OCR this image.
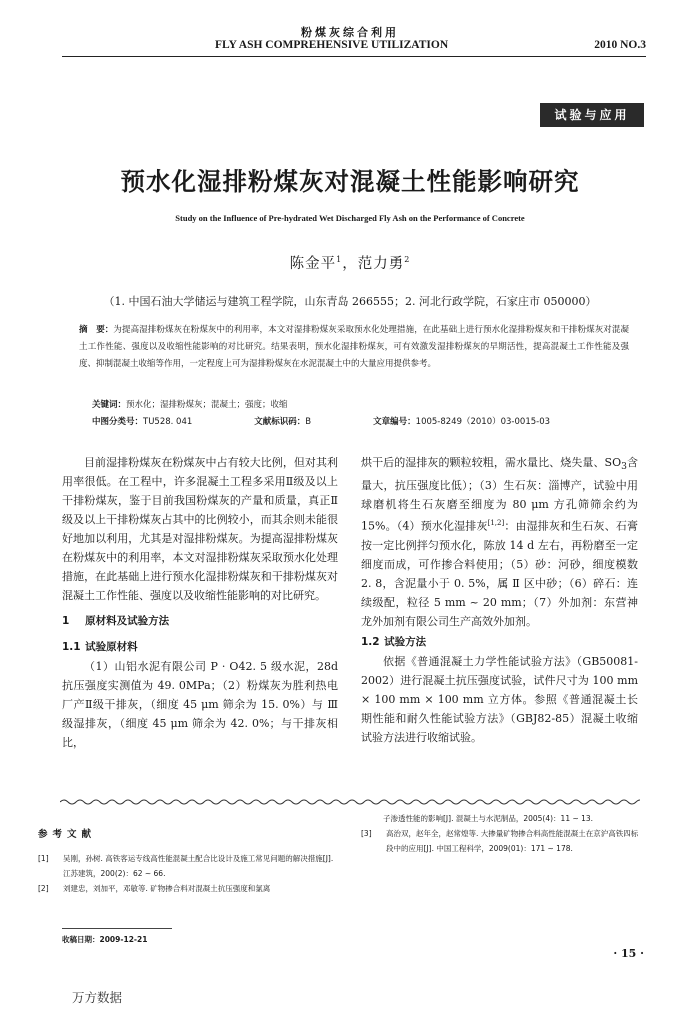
粉煤灰综合利用
FLY ASH COMPREHENSIVE UTILIZATION	2010 NO.3
试验与应用
预水化湿排粉煤灰对混凝土性能影响研究
Study on the Influence of Pre-hydrated Wet Discharged Fly Ash on the Performance of Concrete
陈金平$^1$，范力勇$^2$
（1. 中国石油大学储运与建筑工程学院，山东青岛 266555；2. 河北行政学院，石家庄市 050000）
摘　要：为提高湿排粉煤灰在粉煤灰中的利用率，本文对湿排粉煤灰采取预水化处理措施，在此基础上进行预水化湿排粉煤灰和干排粉煤灰对混凝土工作性能、强度以及收缩性能影响的对比研究。结果表明，预水化湿排粉煤灰，可有效激发湿排粉煤灰的早期活性，提高混凝土工作性能及强度、抑制混凝土收缩等作用，一定程度上可为湿排粉煤灰在水泥混凝土中的大量应用提供参考。
关键词：预水化；湿排粉煤灰；混凝土；强度；收缩
中图分类号：TU528. 041	文献标识码：B	文章编号：1005-8249（2010）03-0015-03

目前湿排粉煤灰在粉煤灰中占有较大比例，但对其利用率很低。在工程中，许多混凝土工程多采用Ⅱ级及以上干排粉煤灰，鉴于目前我国粉煤灰的产量和质量，真正Ⅱ级及以上干排粉煤灰占其中的比例较小，而其余则未能很好地加以利用，尤其是对湿排粉煤灰。为提高湿排粉煤灰在粉煤灰中的利用率，本文对湿排粉煤灰采取预水化处理措施，在此基础上进行预水化湿排粉煤灰和干排粉煤灰对混凝土工作性能、强度以及收缩性能影响的对比研究。

1 原材料及试验方法
1.1 试验原材料

（1）山铝水泥有限公司 P · O42. 5 级水泥，28d 抗压强度实测值为 49. 0MPa；（2）粉煤灰为胜利热电厂产Ⅱ级干排灰，（细度 45 μm 筛余为 15. 0%）与 Ⅲ 级湿排灰，（细度 45 μm 筛余为 42. 0%；与干排灰相比，

烘干后的湿排灰的颗粒较粗，需水量比、烧失量、$SO_3$含量大，抗压强度比低）；（3）生石灰：淄博产，试验中用球磨机将生石灰磨至细度为 80 μm 方孔筛筛余约为 15%。（4）预水化湿排灰[1,2]：由湿排灰和生石灰、石膏按一定比例拌匀预水化，陈放 14 d 左右，再粉磨至一定细度而成，可作掺合料使用；（5）砂：河砂，细度模数 2. 8，含泥量小于 0. 5%，属 Ⅱ 区中砂；（6）碎石：连续级配，粒径 5 mm ~ 20 mm；（7）外加剂：东营神龙外加剂有限公司生产高效外加剂。

1.2 试验方法

依据《普通混凝土力学性能试验方法》（GB50081-2002）进行混凝土抗压强度试验，试件尺寸为 100 mm × 100 mm × 100 mm 立方体。参照《普通混凝土长期性能和耐久性能试验方法》（GBJ82-85）混凝土收缩试验方法进行收缩试验。

参考文献
[1]	吴刚，孙树. 高铁客运专线高性能混凝土配合比设计及施工常见问题的解决措施[J]. 江苏建筑，200(2)：62 ~ 66.
[2]	刘建忠，刘加平，邓敏等. 矿物掺合料对混凝土抗压强度和氯离
子渗透性能的影响[J]. 混凝土与水泥制品，2005(4)：11 ~ 13.
[3]	高治双，赵年全，赵常煌等. 大掺量矿物掺合料高性能混凝土在京沪高铁四标段中的应用[J]. 中国工程科学，2009(01)：171 ~ 178.
收稿日期：2009-12-21
· 15 ·
万方数据
